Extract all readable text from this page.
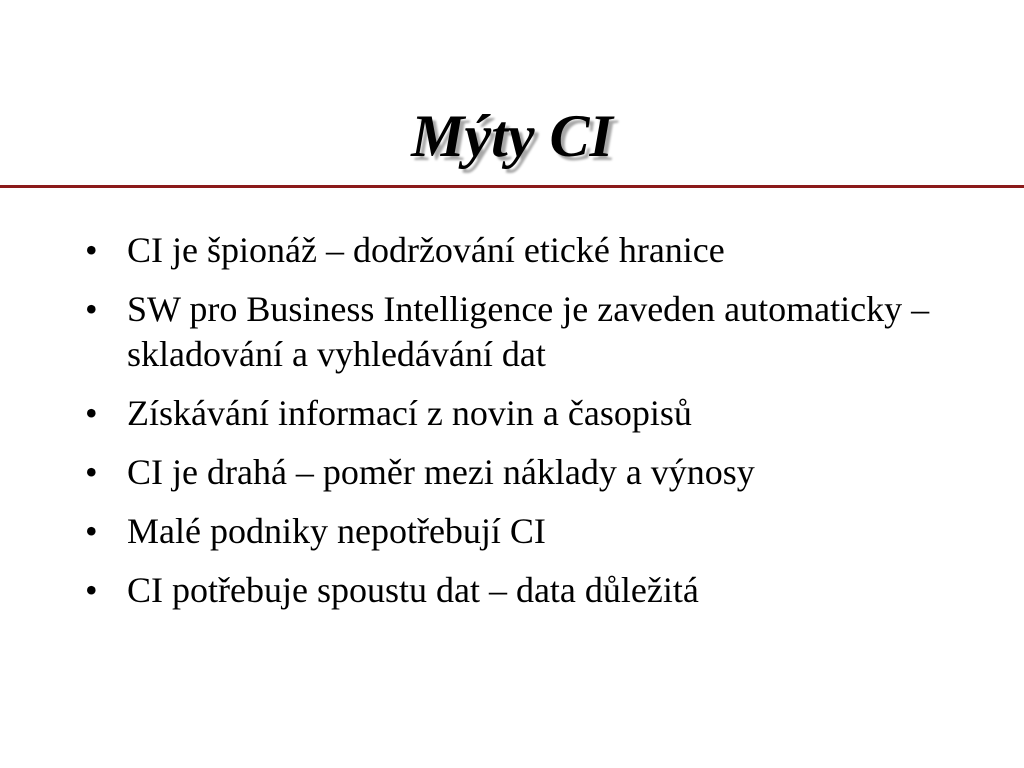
Mýty CI
• CI je špionáž – dodržování etické hranice
• SW pro Business Intelligence je zaveden automaticky – skladování a vyhledávání dat
• Získávání informací z novin a časopisů
• CI je drahá – poměr mezi náklady a výnosy
• Malé podniky nepotřebují CI
• CI potřebuje spoustu dat – data důležitá
